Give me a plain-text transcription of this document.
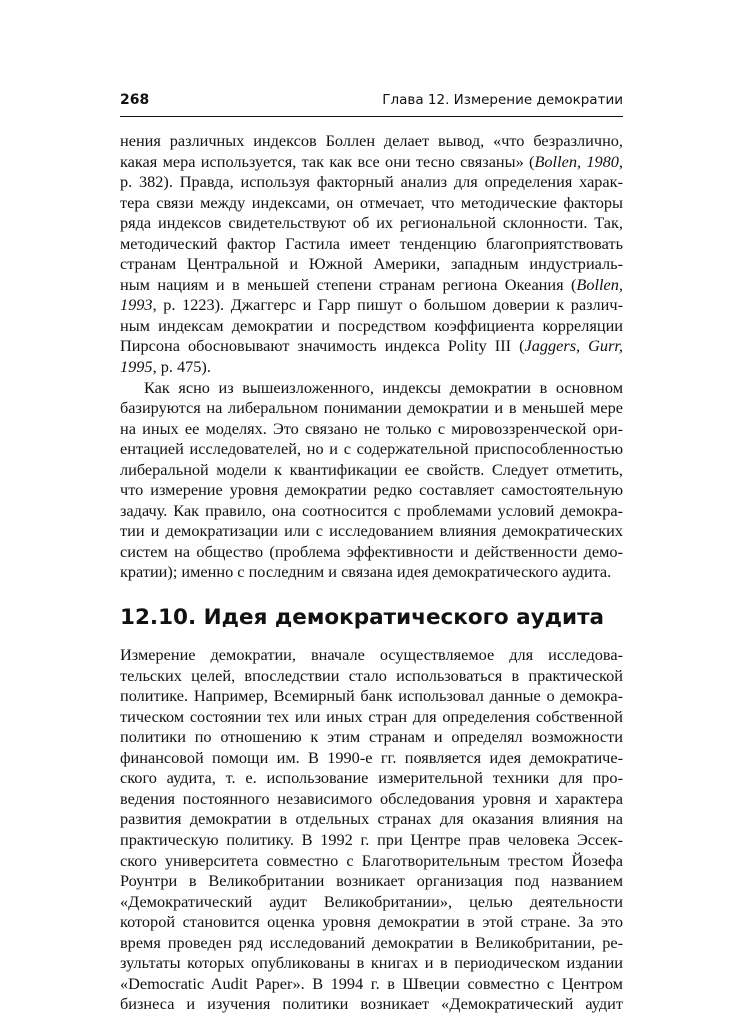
268	Глава 12. Измерение демократии

нения различных индексов Боллен делает вывод, «что безразлично,
какая мера используется, так как все они тесно связаны» (Bollen, 1980,
р. 382). Правда, используя факторный анализ для определения харак-
тера связи между индексами, он отмечает, что методические факторы
ряда индексов свидетельствуют об их региональной склонности. Так,
методический фактор Гастила имеет тенденцию благоприятствовать
странам Центральной и Южной Америки, западным индустриаль-
ным нациям и в меньшей степени странам региона Океания (Bollen,
1993, р. 1223). Джаггерс и Гарр пишут о большом доверии к различ-
ным индексам демократии и посредством коэффициента корреляции
Пирсона обосновывают значимость индекса Polity III (Jaggers, Gurr,
1995, р. 475).

Как ясно из вышеизложенного, индексы демократии в основном
базируются на либеральном понимании демократии и в меньшей мере
на иных ее моделях. Это связано не только с мировоззренческой ори-
ентацией исследователей, но и с содержательной приспособленностью
либеральной модели к квантификации ее свойств. Следует отметить,
что измерение уровня демократии редко составляет самостоятельную
задачу. Как правило, она соотносится с проблемами условий демокра-
тии и демократизации или с исследованием влияния демократических
систем на общество (проблема эффективности и действенности демо-
кратии); именно с последним и связана идея демократического аудита.

12.10. Идея демократического аудита

Измерение демократии, вначале осуществляемое для исследова-
тельских целей, впоследствии стало использоваться в практической
политике. Например, Всемирный банк использовал данные о демокра-
тическом состоянии тех или иных стран для определения собственной
политики по отношению к этим странам и определял возможности
финансовой помощи им. В 1990-е гг. появляется идея демократиче-
ского аудита, т. е. использование измерительной техники для про-
ведения постоянного независимого обследования уровня и характера
развития демократии в отдельных странах для оказания влияния на
практическую политику. В 1992 г. при Центре прав человека Эссек-
ского университета совместно с Благотворительным трестом Йозефа
Роунтри в Великобритании возникает организация под названием
«Демократический аудит Великобритании», целью деятельности
которой становится оценка уровня демократии в этой стране. За это
время проведен ряд исследований демократии в Великобритании, ре-
зультаты которых опубликованы в книгах и в периодическом издании
«Democratic Audit Paper». В 1994 г. в Швеции совместно с Центром
бизнеса и изучения политики возникает «Демократический аудит
